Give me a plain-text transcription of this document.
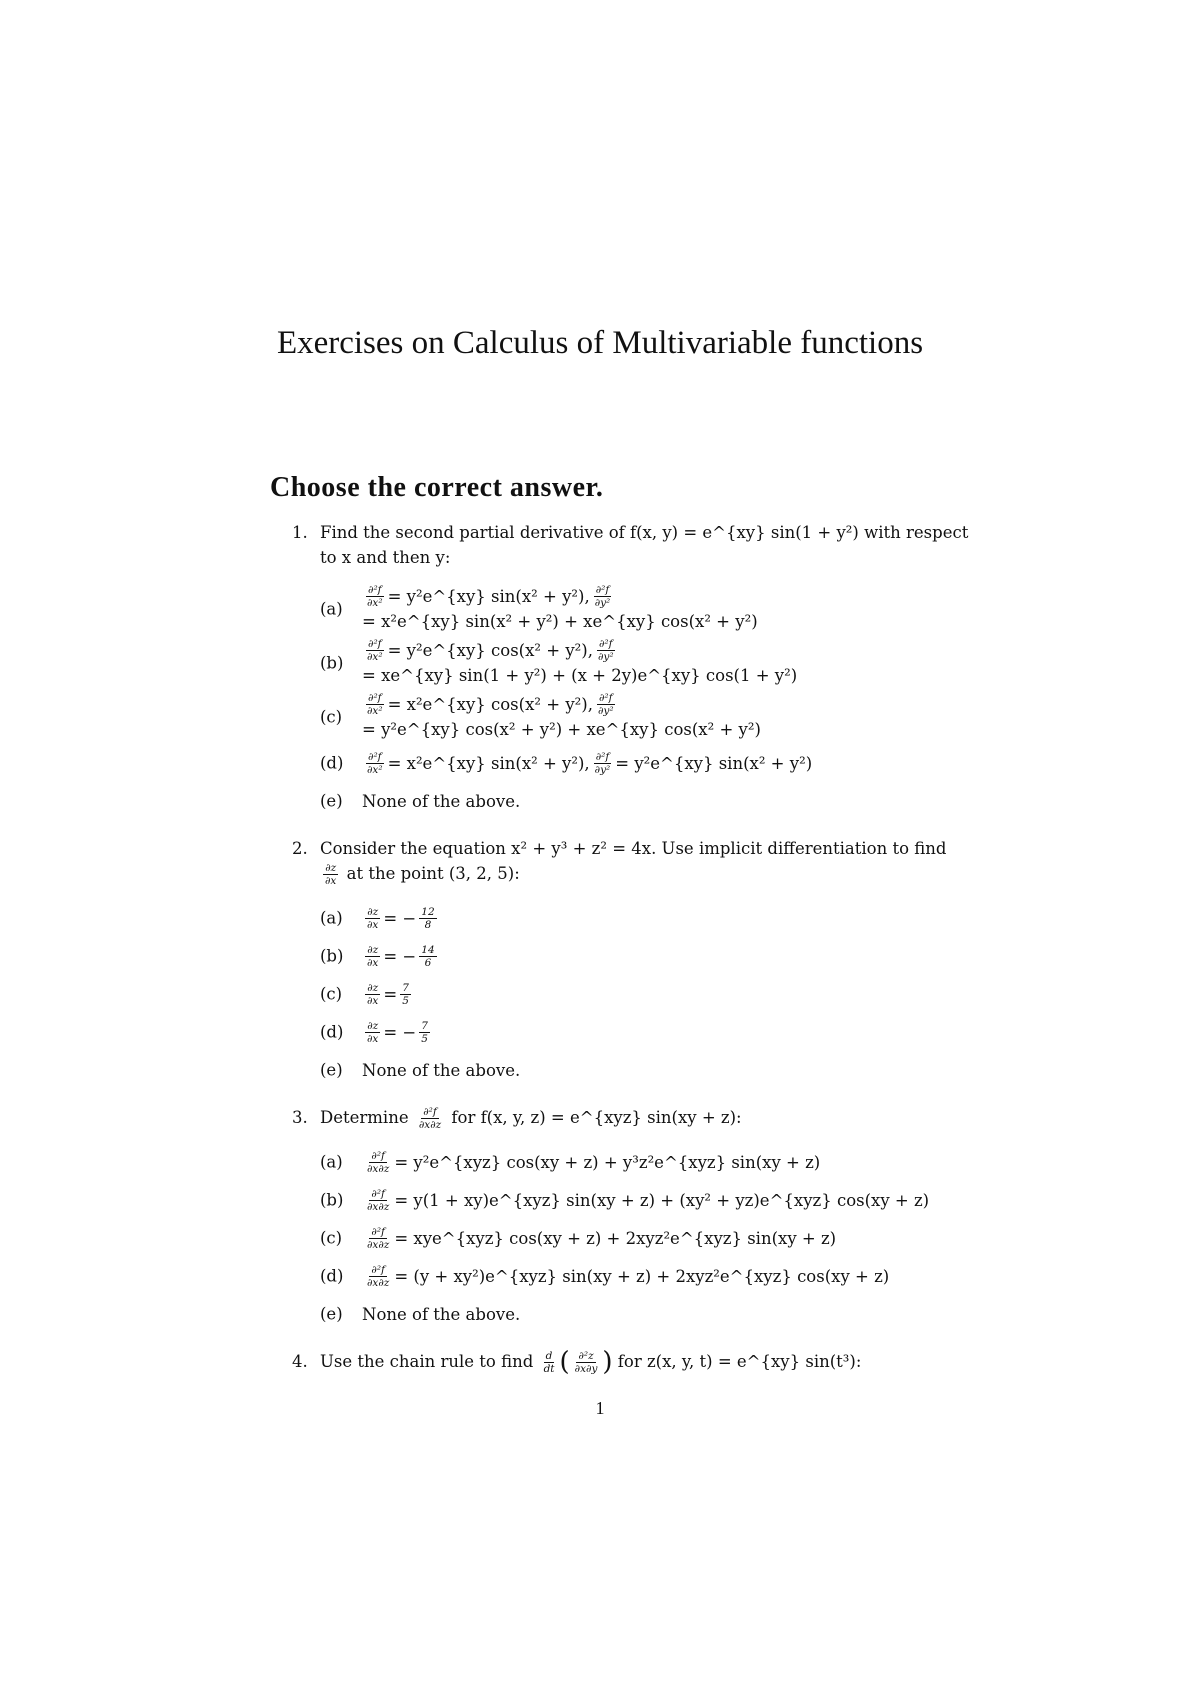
Exercises on Calculus of Multivariable functions
Choose the correct answer.
1. Find the second partial derivative of f(x, y) = e^{xy} sin(1 + y²) with respect to x and then y:
$(a) \frac{\text{∂²f}}{\text{∂x²}}$ = y²e^{xy} sin(x² + y²), $\frac{\text{∂²f}}{\text{∂y²}}$
= x²e^{xy} sin(x² + y²) + xe^{xy} cos(x² + y²)
$(b) \frac{\text{∂²f}}{\text{∂x²}}$ = y²e^{xy} cos(x² + y²), $\frac{\text{∂²f}}{\text{∂y²}}$
= xe^{xy} sin(1 + y²) + (x + 2y)e^{xy} cos(1 + y²)
$(c) \frac{\text{∂²f}}{\text{∂x²}}$ = x²e^{xy} cos(x² + y²), $\frac{\text{∂²f}}{\text{∂y²}}$
= y²e^{xy} cos(x² + y²) + xe^{xy} cos(x² + y²)
$(d) \frac{\text{∂²f}}{\text{∂x²}}$ = x²e^{xy} sin(x² + y²), $\frac{\text{∂²f}}{\text{∂y²}}$ = y²e^{xy} sin(x² + y²)
(e) None of the above.
2. Consider the equation x² + y³ + z² = 4x. Use implicit differentiation to find
$\frac{\partial z}{\partial x}$ at the point (3, 2, 5):
$(a) \frac{\partial z}{\partial x}$ = − $\frac{12}{8}$
$(b) \frac{\partial z}{\partial x}$ = − $\frac{14}{6}$
$(c) \frac{\partial z}{\partial x} = \frac{7}{5}$
$(d) \frac{\partial z}{\partial x}$ = − $\frac{7}{5}$
(e) None of the above.
3. Determine $\frac{\text{∂²f}}{\partial x\partial z}$ for f(x, y, z) = e^{xyz} sin(xy + z):
$(a) \frac{\text{∂²f}}{\partial x\partial z}$ = y²e^{xyz} cos(xy + z) + y³z²e^{xyz} sin(xy + z)
$(b) \frac{\text{∂²f}}{\partial x\partial z} = y(1$ + xy)e^{xyz} sin(xy + z) + (xy² + yz)e^{xyz} cos(xy + z)
$(c) \frac{\text{∂²f}}{\partial x\partial z}$ = xye^{xyz} cos(xy + z) + 2xyz²e^{xyz} sin(xy + z)
$(d) \frac{\text{∂²f}}{\partial x\partial z} = (y$ + xy²)e^{xyz} sin(xy + z) + 2xyz²e^{xyz} cos(xy + z)
(e) None of the above.
4. Use the chain rule to find $\frac{d}{dt}$ ( $\frac{\text{∂²z}}{\partial x\partial y}$ ) for z(x, y, t) = e^{xy} sin(t³):
1
